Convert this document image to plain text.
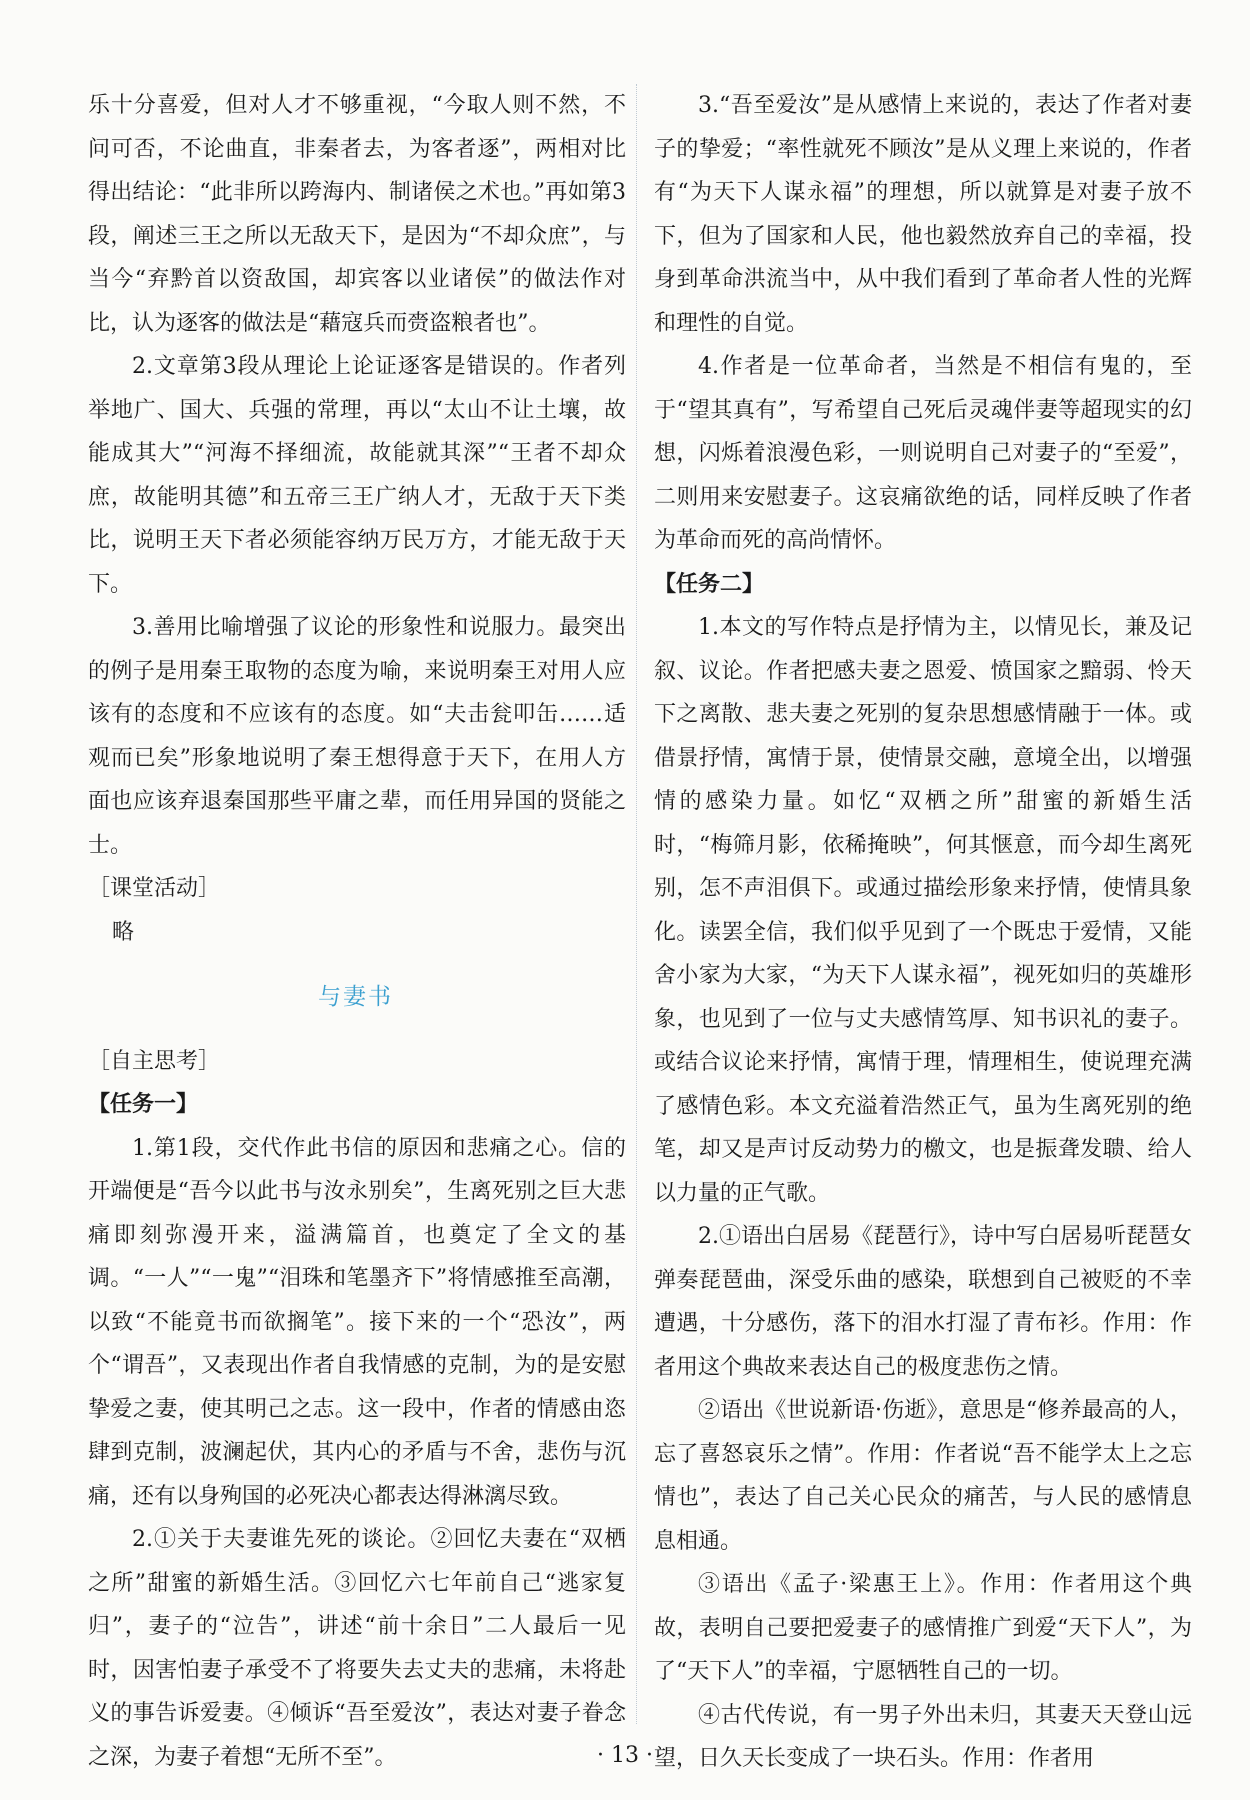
乐十分喜爱，但对人才不够重视，“今取人则不然，不问可否，不论曲直，非秦者去，为客者逐”，两相对比得出结论：“此非所以跨海内、制诸侯之术也。”再如第3段，阐述三王之所以无敌天下，是因为“不却众庶”，与当今“弃黔首以资敌国，却宾客以业诸侯”的做法作对比，认为逐客的做法是“藉寇兵而赍盗粮者也”。

2.文章第3段从理论上论证逐客是错误的。作者列举地广、国大、兵强的常理，再以“太山不让土壤，故能成其大”“河海不择细流，故能就其深”“王者不却众庶，故能明其德”和五帝三王广纳人才，无敌于天下类比，说明王天下者必须能容纳万民万方，才能无敌于天下。

3.善用比喻增强了议论的形象性和说服力。最突出的例子是用秦王取物的态度为喻，来说明秦王对用人应该有的态度和不应该有的态度。如“夫击瓮叩缶……适观而已矣”形象地说明了秦王想得意于天下，在用人方面也应该弃退秦国那些平庸之辈，而任用异国的贤能之士。

［课堂活动］
略
与妻书
［自主思考］
【任务一】

1.第1段，交代作此书信的原因和悲痛之心。信的开端便是“吾今以此书与汝永别矣”，生离死别之巨大悲痛即刻弥漫开来，溢满篇首，也奠定了全文的基调。“一人”“一鬼”“泪珠和笔墨齐下”将情感推至高潮，以致“不能竟书而欲搁笔”。接下来的一个“恐汝”，两个“谓吾”，又表现出作者自我情感的克制，为的是安慰挚爱之妻，使其明己之志。这一段中，作者的情感由恣肆到克制，波澜起伏，其内心的矛盾与不舍，悲伤与沉痛，还有以身殉国的必死决心都表达得淋漓尽致。

2.①关于夫妻谁先死的谈论。②回忆夫妻在“双栖之所”甜蜜的新婚生活。③回忆六七年前自己“逃家复归”，妻子的“泣告”，讲述“前十余日”二人最后一见时，因害怕妻子承受不了将要失去丈夫的悲痛，未将赴义的事告诉爱妻。④倾诉“吾至爱汝”，表达对妻子眷念之深，为妻子着想“无所不至”。

3.“吾至爱汝”是从感情上来说的，表达了作者对妻子的挚爱；“率性就死不顾汝”是从义理上来说的，作者有“为天下人谋永福”的理想，所以就算是对妻子放不下，但为了国家和人民，他也毅然放弃自己的幸福，投身到革命洪流当中，从中我们看到了革命者人性的光辉和理性的自觉。

4.作者是一位革命者，当然是不相信有鬼的，至于“望其真有”，写希望自己死后灵魂伴妻等超现实的幻想，闪烁着浪漫色彩，一则说明自己对妻子的“至爱”，二则用来安慰妻子。这哀痛欲绝的话，同样反映了作者为革命而死的高尚情怀。

【任务二】

1.本文的写作特点是抒情为主，以情见长，兼及记叙、议论。作者把感夫妻之恩爱、愤国家之黯弱、怜天下之离散、悲夫妻之死别的复杂思想感情融于一体。或借景抒情，寓情于景，使情景交融，意境全出，以增强情的感染力量。如忆“双栖之所”甜蜜的新婚生活时，“梅筛月影，依稀掩映”，何其惬意，而今却生离死别，怎不声泪俱下。或通过描绘形象来抒情，使情具象化。读罢全信，我们似乎见到了一个既忠于爱情，又能舍小家为大家，“为天下人谋永福”，视死如归的英雄形象，也见到了一位与丈夫感情笃厚、知书识礼的妻子。或结合议论来抒情，寓情于理，情理相生，使说理充满了感情色彩。本文充溢着浩然正气，虽为生离死别的绝笔，却又是声讨反动势力的檄文，也是振聋发聩、给人以力量的正气歌。

2.①语出白居易《琵琶行》，诗中写白居易听琵琶女弹奏琵琶曲，深受乐曲的感染，联想到自己被贬的不幸遭遇，十分感伤，落下的泪水打湿了青布衫。作用：作者用这个典故来表达自己的极度悲伤之情。

②语出《世说新语·伤逝》，意思是“修养最高的人，忘了喜怒哀乐之情”。作用：作者说“吾不能学太上之忘情也”，表达了自己关心民众的痛苦，与人民的感情息息相通。

③语出《孟子·梁惠王上》。作用：作者用这个典故，表明自己要把爱妻子的感情推广到爱“天下人”，为了“天下人”的幸福，宁愿牺牲自己的一切。

④古代传说，有一男子外出未归，其妻天天登山远望，日久天长变成了一块石头。作用：作者用

· 13 ·
